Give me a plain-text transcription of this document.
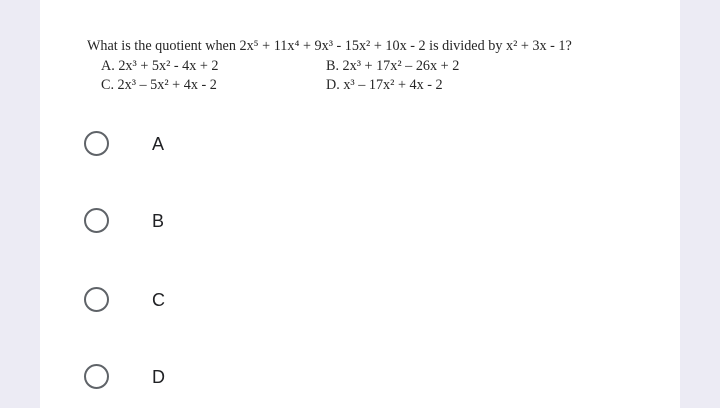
What is the quotient when 2x⁵ + 11x⁴ + 9x³ - 15x² + 10x - 2 is divided by x² + 3x - 1?
A. 2x³ + 5x² - 4x + 2	B. 2x³ + 17x² – 26x + 2
C. 2x³ – 5x² + 4x - 2	D. x³ – 17x² + 4x - 2
A
B
C
D
